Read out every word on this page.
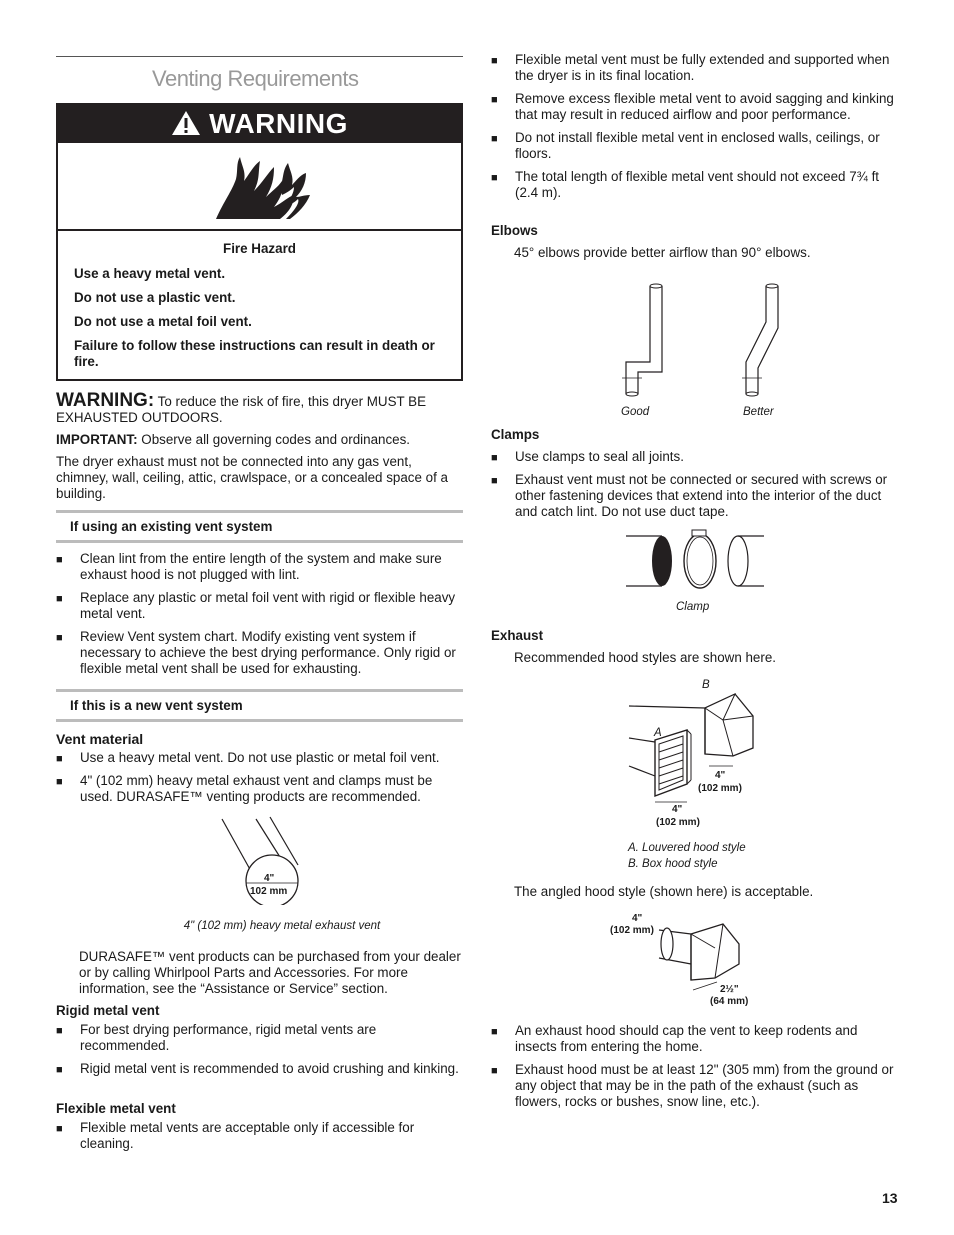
Venting Requirements
WARNING
Fire Hazard

Use a heavy metal vent.

Do not use a plastic vent.

Do not use a metal foil vent.

Failure to follow these instructions can result in death or fire.

WARNING: To reduce the risk of fire, this dryer MUST BE EXHAUSTED OUTDOORS.

IMPORTANT: Observe all governing codes and ordinances.

The dryer exhaust must not be connected into any gas vent, chimney, wall, ceiling, attic, crawlspace, or a concealed space of a building.

If using an existing vent system
■ Clean lint from the entire length of the system and make sure exhaust hood is not plugged with lint.
■ Replace any plastic or metal foil vent with rigid or flexible heavy metal vent.
■ Review Vent system chart. Modify existing vent system if necessary to achieve the best drying performance. Only rigid or flexible metal vent shall be used for exhausting.
If this is a new vent system
Vent material
■ Use a heavy metal vent. Do not use plastic or metal foil vent.
■ 4" (102 mm) heavy metal exhaust vent and clamps must be used. DURASAFE™ venting products are recommended.
4"
102 mm
4" (102 mm) heavy metal exhaust vent
DURASAFE™ vent products can be purchased from your dealer or by calling Whirlpool Parts and Accessories. For more information, see the “Assistance or Service” section.
Rigid metal vent
■ For best drying performance, rigid metal vents are recommended.
■ Rigid metal vent is recommended to avoid crushing and kinking.
Flexible metal vent
■ Flexible metal vents are acceptable only if accessible for cleaning.
■ Flexible metal vent must be fully extended and supported when the dryer is in its final location.
■ Remove excess flexible metal vent to avoid sagging and kinking that may result in reduced airflow and poor performance.
■ Do not install flexible metal vent in enclosed walls, ceilings, or floors.
■ The total length of flexible metal vent should not exceed 7¾ ft (2.4 m).
Elbows
45° elbows provide better airflow than 90° elbows.
Good	Better
Clamps
■ Use clamps to seal all joints.
■ Exhaust vent must not be connected or secured with screws or other fastening devices that extend into the interior of the duct and catch lint. Do not use duct tape.
Clamp
Exhaust
Recommended hood styles are shown here.
B
A
4"
(102 mm)
4"
(102 mm)
A. Louvered hood style
B. Box hood style
The angled hood style (shown here) is acceptable.
4"
(102 mm)
2½"
(64 mm)
■ An exhaust hood should cap the vent to keep rodents and insects from entering the home.
■ Exhaust hood must be at least 12" (305 mm) from the ground or any object that may be in the path of the exhaust (such as flowers, rocks or bushes, snow line, etc.).
13
